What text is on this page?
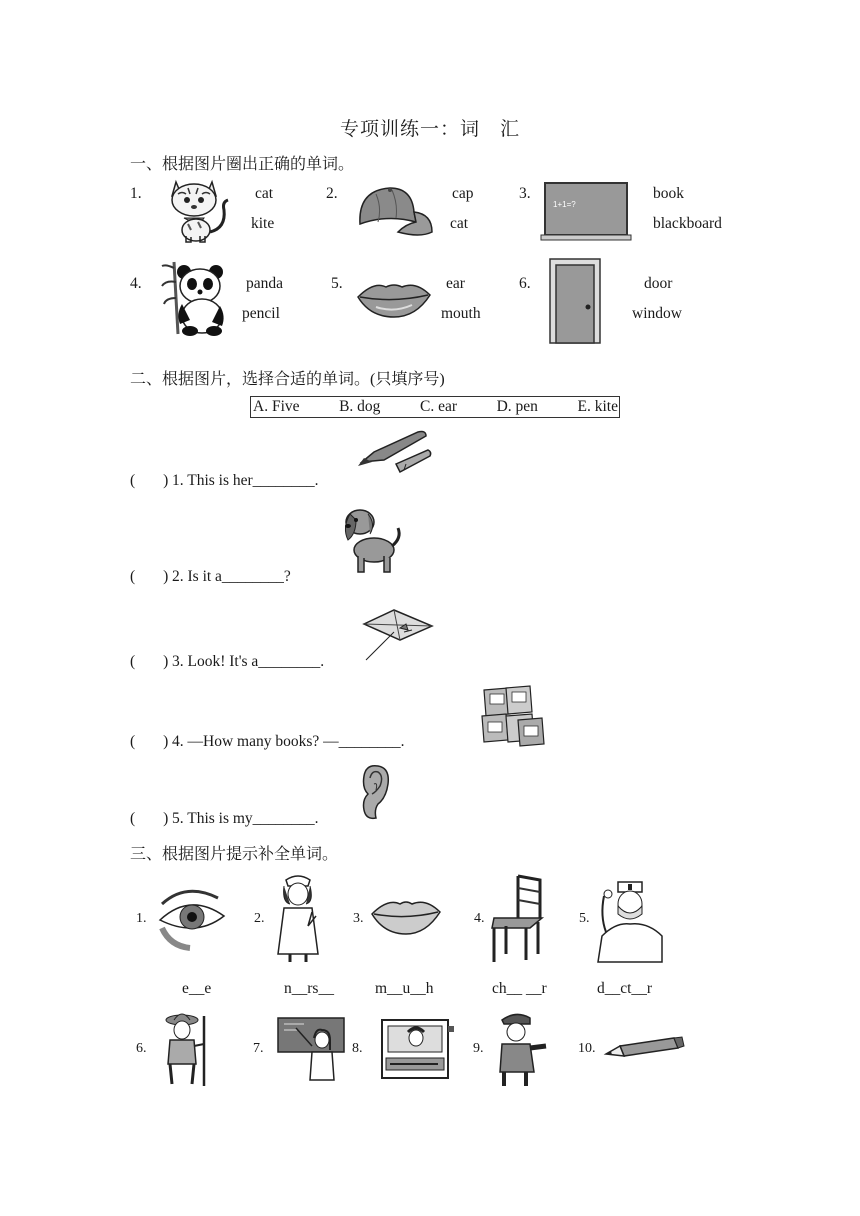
专项训练一：词　汇
一、根据图片圈出正确的单词。
1.	cat
kite
2.	cap
cat
3.
1+1=?
book
blackboard
4.	panda
pencil
5.	ear
mouth
6.	door
window
二、根据图片，选择合适的单词。(只填序号)
A. Five	B. dog	C. ear	D. pen	E. kite
( ) 1. This is her________.
( ) 2. Is it a________?
( ) 3. Look! It's a________.
( ) 4. —How many books? —________.
( ) 5. This is my________.
三、根据图片提示补全单词。
1.
e__e
2.
n__rs__
3.
m__u__h
4.
ch__ __r
5.
d__ct__r
6.	7.	8.	9.	10.
